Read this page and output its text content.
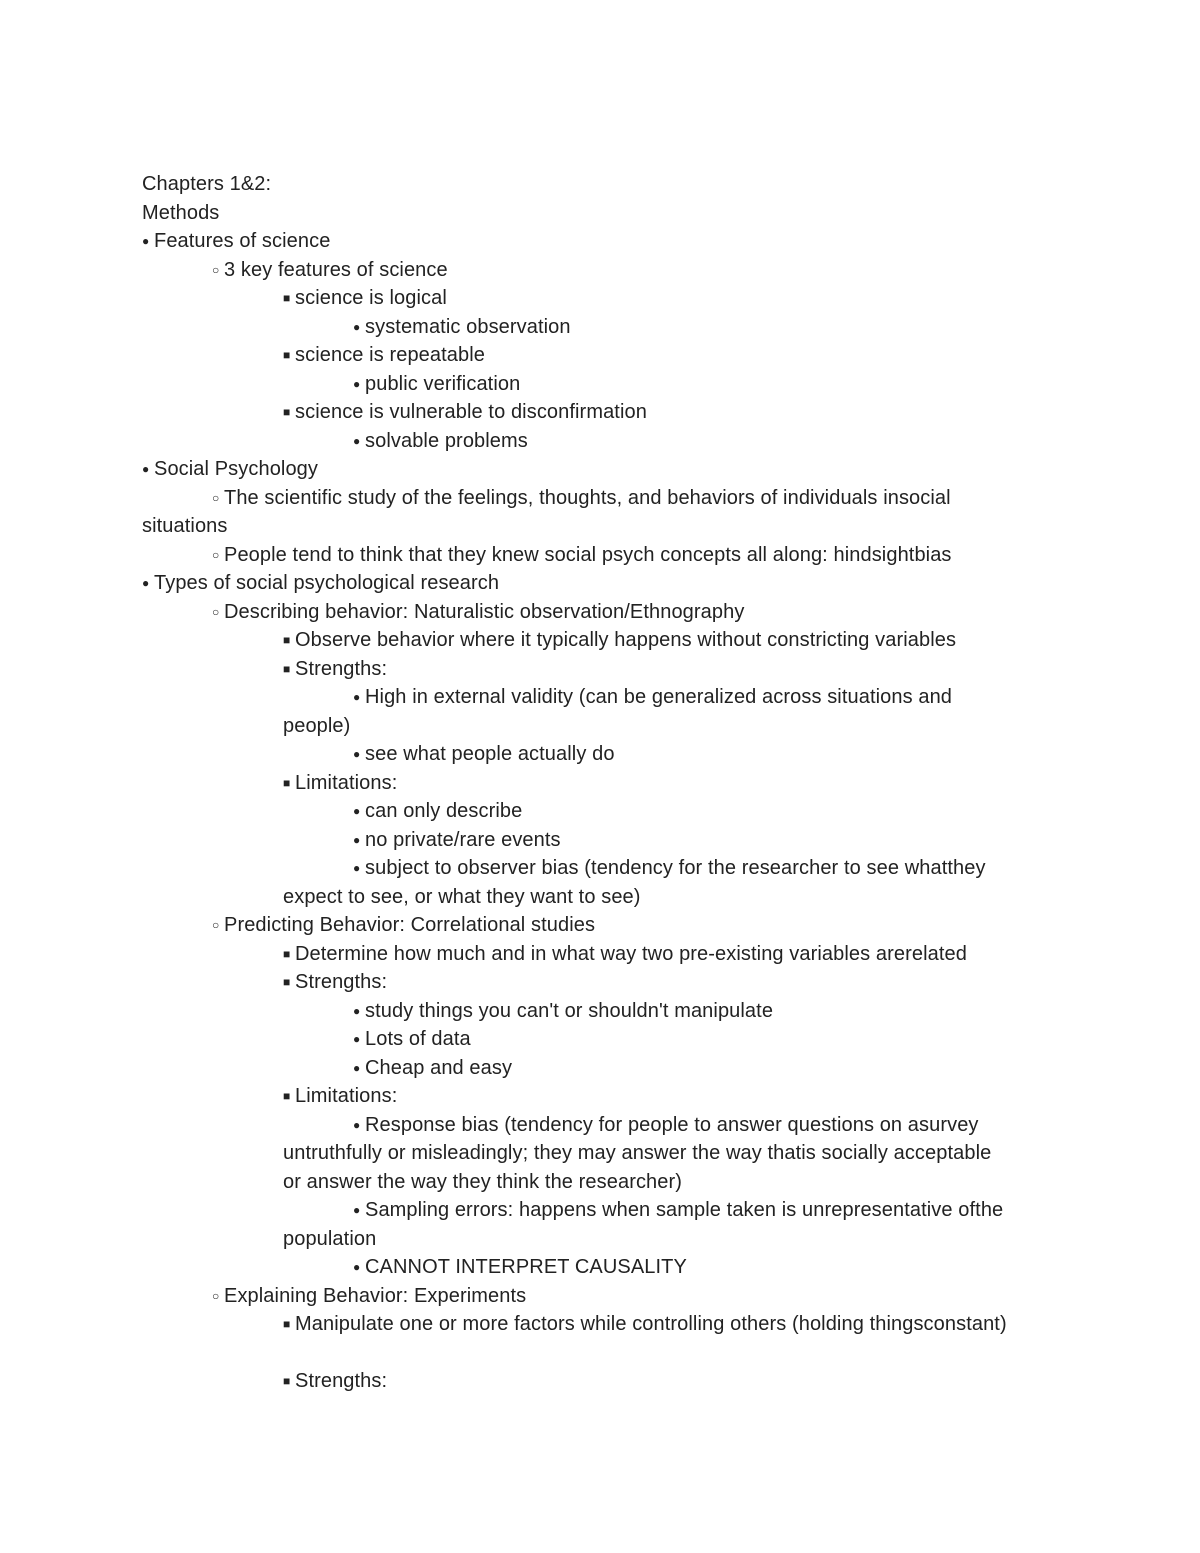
Chapters 1&2:
Methods
● Features of science
○ 3 key features of science
■ science is logical
● systematic observation
■ science is repeatable
● public verification
■ science is vulnerable to disconfirmation
● solvable problems
● Social Psychology
○ The scientific study of the feelings, thoughts, and behaviors of individuals insocial
situations
○ People tend to think that they knew social psych concepts all along: hindsightbias
● Types of social psychological research
○ Describing behavior: Naturalistic observation/Ethnography
■ Observe behavior where it typically happens without constricting variables
■ Strengths:
● High in external validity (can be generalized across situations and
people)
● see what people actually do
■ Limitations:
● can only describe
● no private/rare events
● subject to observer bias (tendency for the researcher to see whatthey
expect to see, or what they want to see)
○ Predicting Behavior: Correlational studies
■ Determine how much and in what way two pre-existing variables arerelated
■ Strengths:
● study things you can't or shouldn't manipulate
● Lots of data
● Cheap and easy
■ Limitations:
● Response bias (tendency for people to answer questions on asurvey
untruthfully or misleadingly; they may answer the way thatis socially acceptable
or answer the way they think the researcher)
● Sampling errors: happens when sample taken is unrepresentative ofthe
population
● CANNOT INTERPRET CAUSALITY
○ Explaining Behavior: Experiments
■ Manipulate one or more factors while controlling others (holding thingsconstant)
■ Strengths:
